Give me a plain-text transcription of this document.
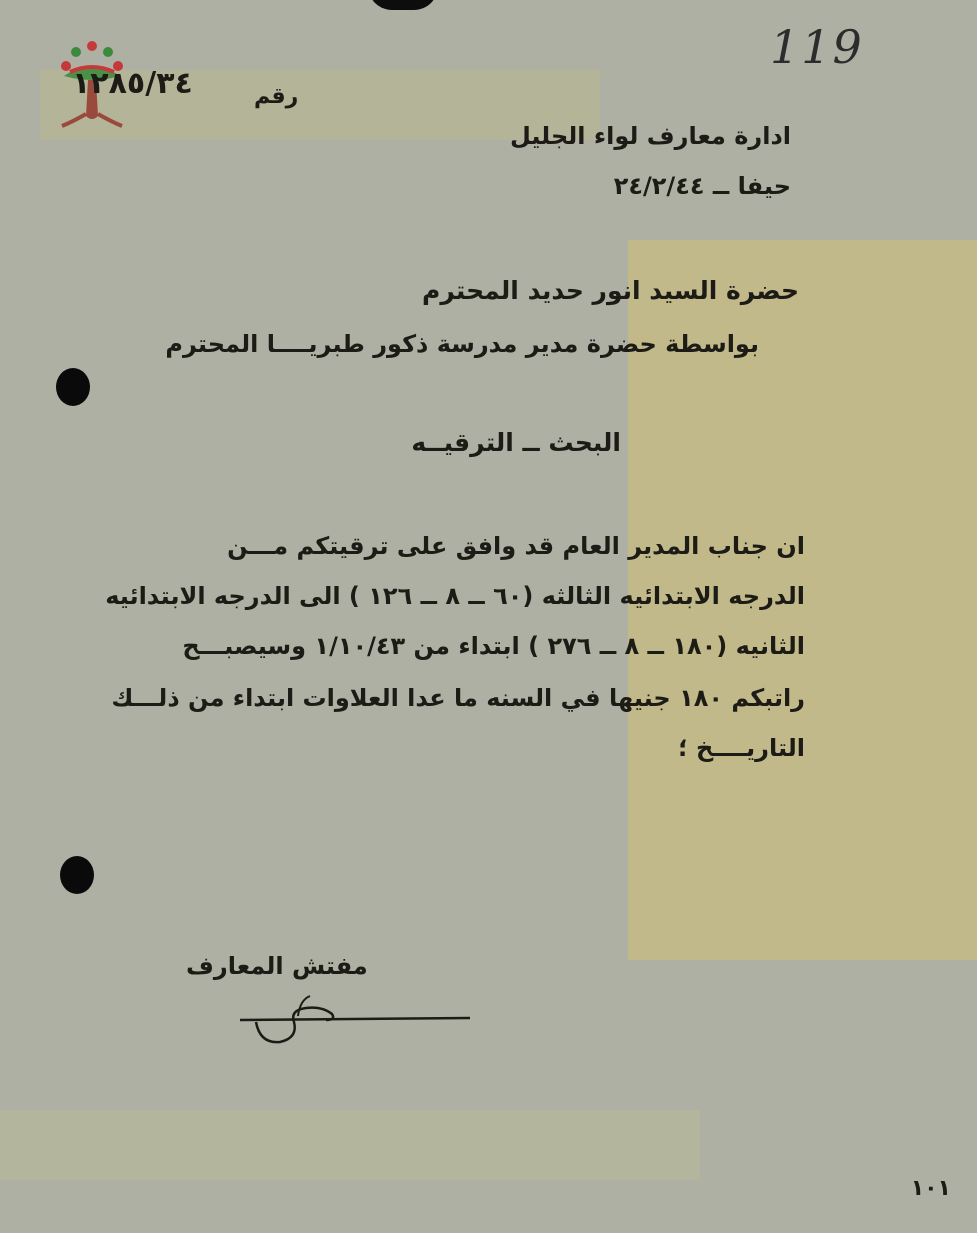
119
١٢٨٥/٣٤	رقم
ادارة معارف لواء الجليل
حيفا ــ ٢٤/٢/٤٤
حضرة السيد انور حديد المحترم
بواسطة حضرة مدير مدرسة ذكور طبريــــا المحترم
البحث ــ الترقيــه
ان جناب المدير العام قد وافق على ترقيتكم مـــن
الدرجه الابتدائيه الثالثه (٦٠ ــ ٨ ــ ١٢٦ ) الى الدرجه الابتدائيه
الثانيه (١٨٠ ــ ٨ ــ ٢٧٦ ) ابتداء من ١/١٠/٤٣ وسيصبـــح
راتبكم ١٨٠ جنيها في السنه ما عدا العلاوات ابتداء من ذلـــك
التاريــــخ ؛
مفتش المعارف
١٠١
